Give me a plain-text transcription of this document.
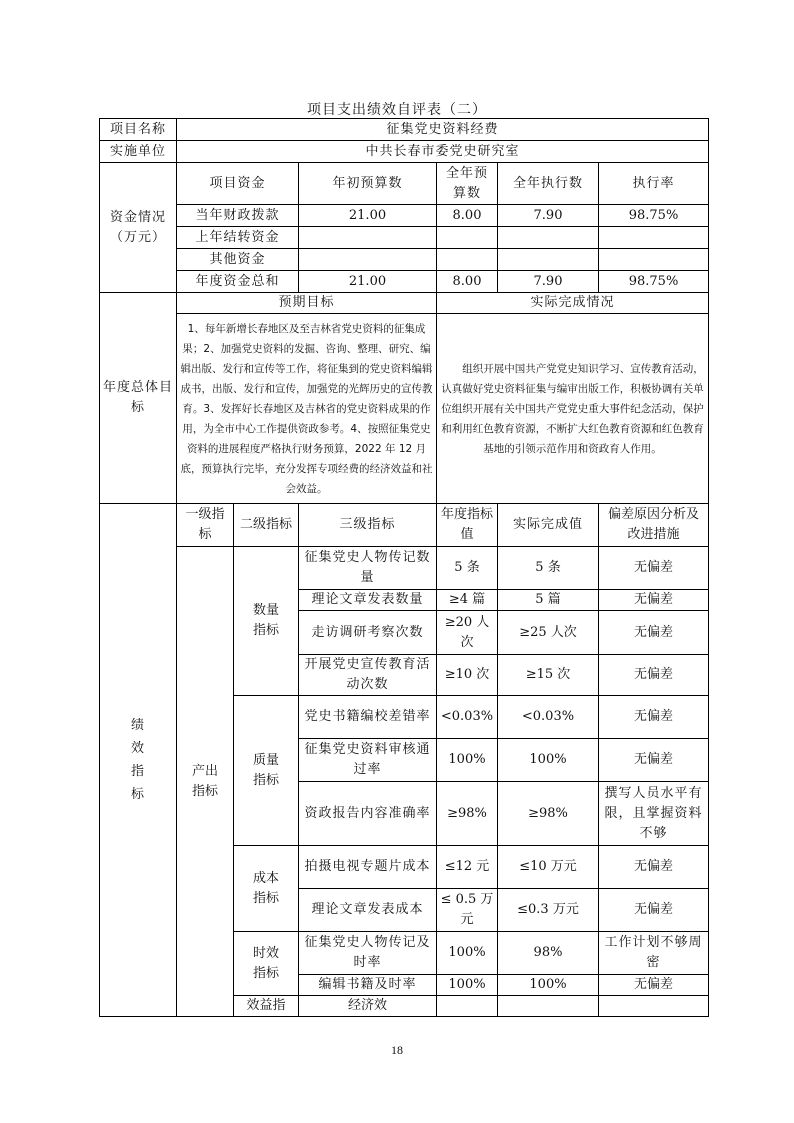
项目支出绩效自评表（二）
项目名称	征集党史资料经费						
实施单位	中共长春市委党史研究室						
资金情况（万元）	项目资金		年初预算数	全年预算数	全年执行数	执行率	
	当年财政拨款		21.00	8.00	7.90	98.75%	
	上年结转资金						
	其他资金						
	年度资金总和		21.00	8.00	7.90	98.75%	
年度总体目标	预期目标			实际完成情况			
	1、每年新增长春地区及至吉林省党史资料的征集成果；2、加强党史资料的发掘、咨询、整理、研究、编辑出版、发行和宣传等工作，将征集到的党史资料编辑成书，出版、发行和宣传，加强党的光辉历史的宣传教育。3、发挥好长春地区及吉林省的党史资料成果的作用，为全市中心工作提供资政参考。4、按照征集党史资料的进展程度严格执行财务预算，2022 年 12 月底，预算执行完毕，充分发挥专项经费的经济效益和社会效益。			组织开展中国共产党党史知识学习、宣传教育活动，认真做好党史资料征集与编审出版工作，积极协调有关单位组织开展有关中国共产党党史重大事件纪念活动，保护和利用红色教育资源，不断扩大红色教育资源和红色教育基地的引领示范作用和资政育人作用。			

绩效指标	一级指标	二级指标	三级指标	年度指标值	实际完成值	偏差原因分析及改进措施	

	产出指标	数量指标	征集党史人物传记数量	5 条	5 条	无偏差	
			理论文章发表数量	≥4 篇	5 篇	无偏差	
			走访调研考察次数	≥20 人次	≥25 人次	无偏差	
			开展党史宣传教育活动次数	≥10 次	≥15 次	无偏差	

		质量指标	党史书籍编校差错率	<0.03%	<0.03%	无偏差	
			征集党史资料审核通过率	100%	100%	无偏差	
			资政报告内容准确率	≥98%	≥98%	撰写人员水平有限，且掌握资料不够	

		成本指标	拍摄电视专题片成本	≤12 元	≤10 万元	无偏差	
			理论文章发表成本	≤ 0.5 万元	≤0.3 万元	无偏差	

		时效指标	征集党史人物传记及时率	100%	98%	工作计划不够周密	
			编辑书籍及时率	100%	100%	无偏差	
		效益指	经济效				
18
